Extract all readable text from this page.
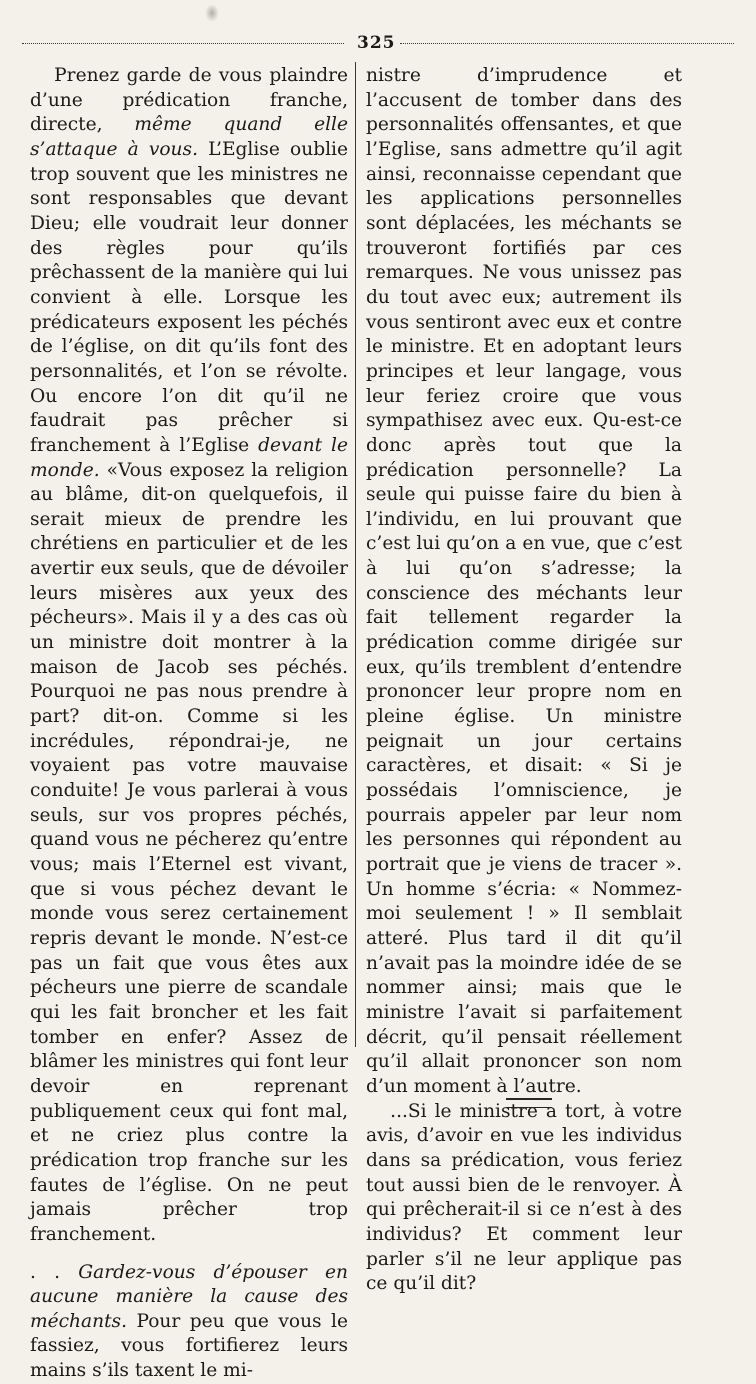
325

Prenez garde de vous plaindre d’une prédication franche, directe, même quand elle s’attaque à vous. L’Eglise oublie trop souvent que les ministres ne sont responsables que devant Dieu; elle voudrait leur donner des règles pour qu’ils prêchassent de la manière qui lui convient à elle. Lorsque les prédicateurs exposent les péchés de l’église, on dit qu’ils font des personnalités, et l’on se révolte. Ou encore l’on dit qu’il ne faudrait pas prêcher si franchement à l’Eglise devant le monde. «Vous exposez la religion au blâme, dit-on quelquefois, il serait mieux de prendre les chrétiens en particulier et de les avertir eux seuls, que de dévoiler leurs misères aux yeux des pécheurs». Mais il y a des cas où un ministre doit montrer à la maison de Jacob ses péchés. Pourquoi ne pas nous prendre à part? dit-on. Comme si les incrédules, répondrai-je, ne voyaient pas votre mauvaise conduite! Je vous parlerai à vous seuls, sur vos propres péchés, quand vous ne pécherez qu’entre vous; mais l’Eternel est vivant, que si vous péchez devant le monde vous serez certainement repris devant le monde. N’est-ce pas un fait que vous êtes aux pécheurs une pierre de scandale qui les fait broncher et les fait tomber en enfer? Assez de blâmer les ministres qui font leur devoir en reprenant publiquement ceux qui font mal, et ne criez plus contre la prédication trop franche sur les fautes de l’église. On ne peut jamais prêcher trop franchement.

. . Gardez-vous d’épouser en aucune manière la cause des méchants. Pour peu que vous le fassiez, vous fortifierez leurs mains s’ils taxent le mi-

nistre d’imprudence et l’accusent de tomber dans des personnalités offensantes, et que l’Eglise, sans admettre qu’il agit ainsi, reconnaisse cependant que les applications personnelles sont déplacées, les méchants se trouveront fortifiés par ces remarques. Ne vous unissez pas du tout avec eux; autrement ils vous sentiront avec eux et contre le ministre. Et en adoptant leurs principes et leur langage, vous leur feriez croire que vous sympathisez avec eux. Qu-est-ce donc après tout que la prédication personnelle? La seule qui puisse faire du bien à l’individu, en lui prouvant que c’est lui qu’on a en vue, que c’est à lui qu’on s’adresse; la conscience des méchants leur fait tellement regarder la prédication comme dirigée sur eux, qu’ils tremblent d’entendre prononcer leur propre nom en pleine église. Un ministre peignait un jour certains caractères, et disait: « Si je possédais l’omniscience, je pourrais appeler par leur nom les personnes qui répondent au portrait que je viens de tracer ». Un homme s’écria: « Nommez-moi seulement ! » Il semblait atteré. Plus tard il dit qu’il n’avait pas la moindre idée de se nommer ainsi; mais que le ministre l’avait si parfaitement décrit, qu’il pensait réellement qu’il allait prononcer son nom d’un moment à l’autre.

...Si le ministre a tort, à votre avis, d’avoir en vue les individus dans sa prédication, vous feriez tout aussi bien de le renvoyer. À qui prêcherait-il si ce n’est à des individus? Et comment leur parler s’il ne leur applique pas ce qu’il dit?
